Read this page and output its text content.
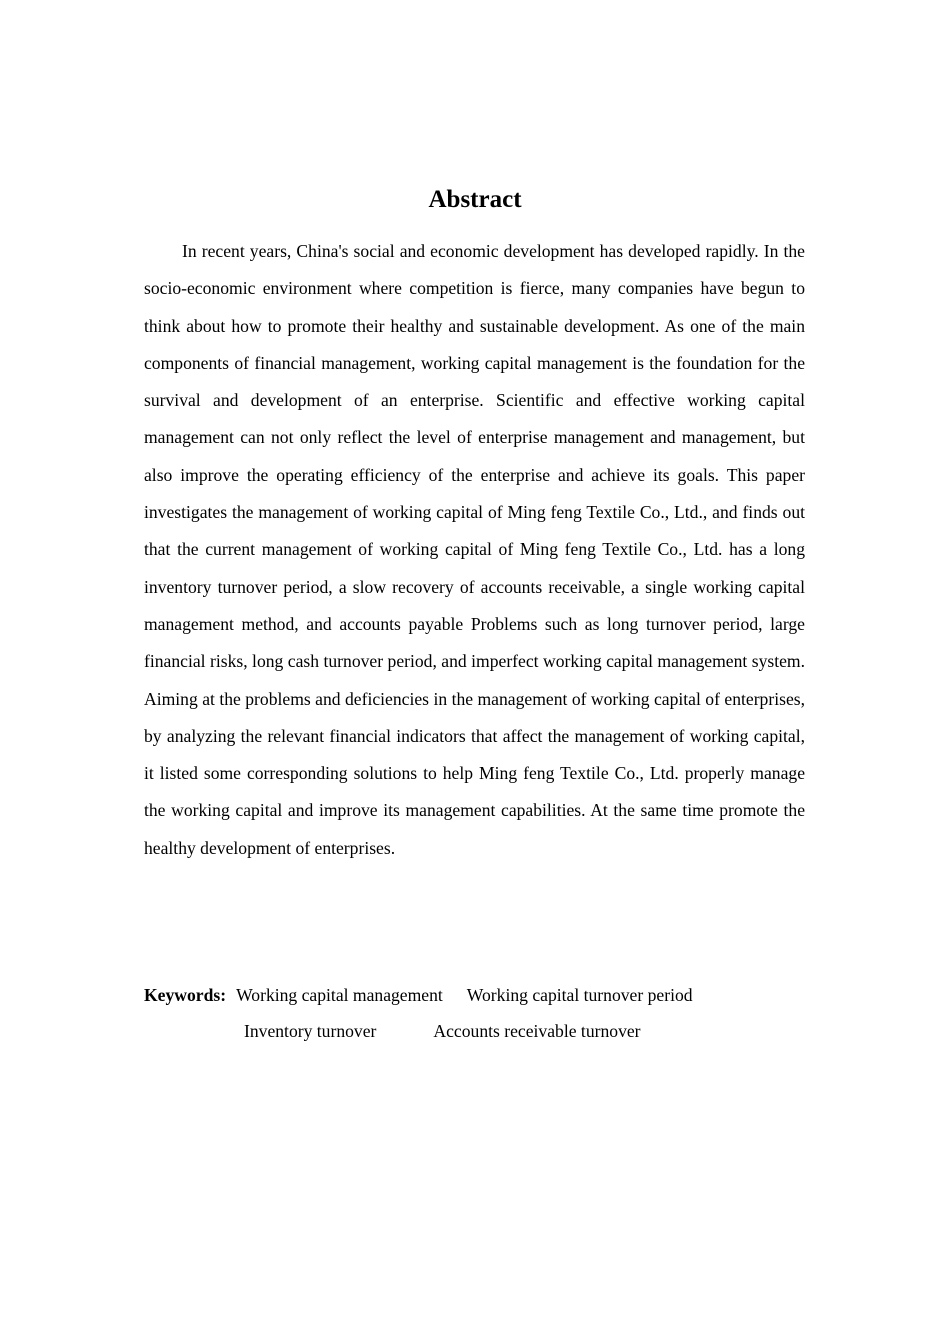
Abstract

In recent years, China's social and economic development has developed rapidly. In the socio-economic environment where competition is fierce, many companies have begun to think about how to promote their healthy and sustainable development. As one of the main components of financial management, working capital management is the foundation for the survival and development of an enterprise. Scientific and effective working capital management can not only reflect the level of enterprise management and management, but also improve the operating efficiency of the enterprise and achieve its goals. This paper investigates the management of working capital of Ming feng Textile Co., Ltd., and finds out that the current management of working capital of Ming feng Textile Co., Ltd. has a long inventory turnover period, a slow recovery of accounts receivable, a single working capital management method, and accounts payable Problems such as long turnover period, large financial risks, long cash turnover period, and imperfect working capital management system. Aiming at the problems and deficiencies in the management of working capital of enterprises, by analyzing the relevant financial indicators that affect the management of working capital, it listed some corresponding solutions to help Ming feng Textile Co., Ltd. properly manage the working capital and improve its management capabilities. At the same time promote the healthy development of enterprises.

Keywords: Working capital management Working capital turnover period
Inventory turnover	Accounts receivable turnover
